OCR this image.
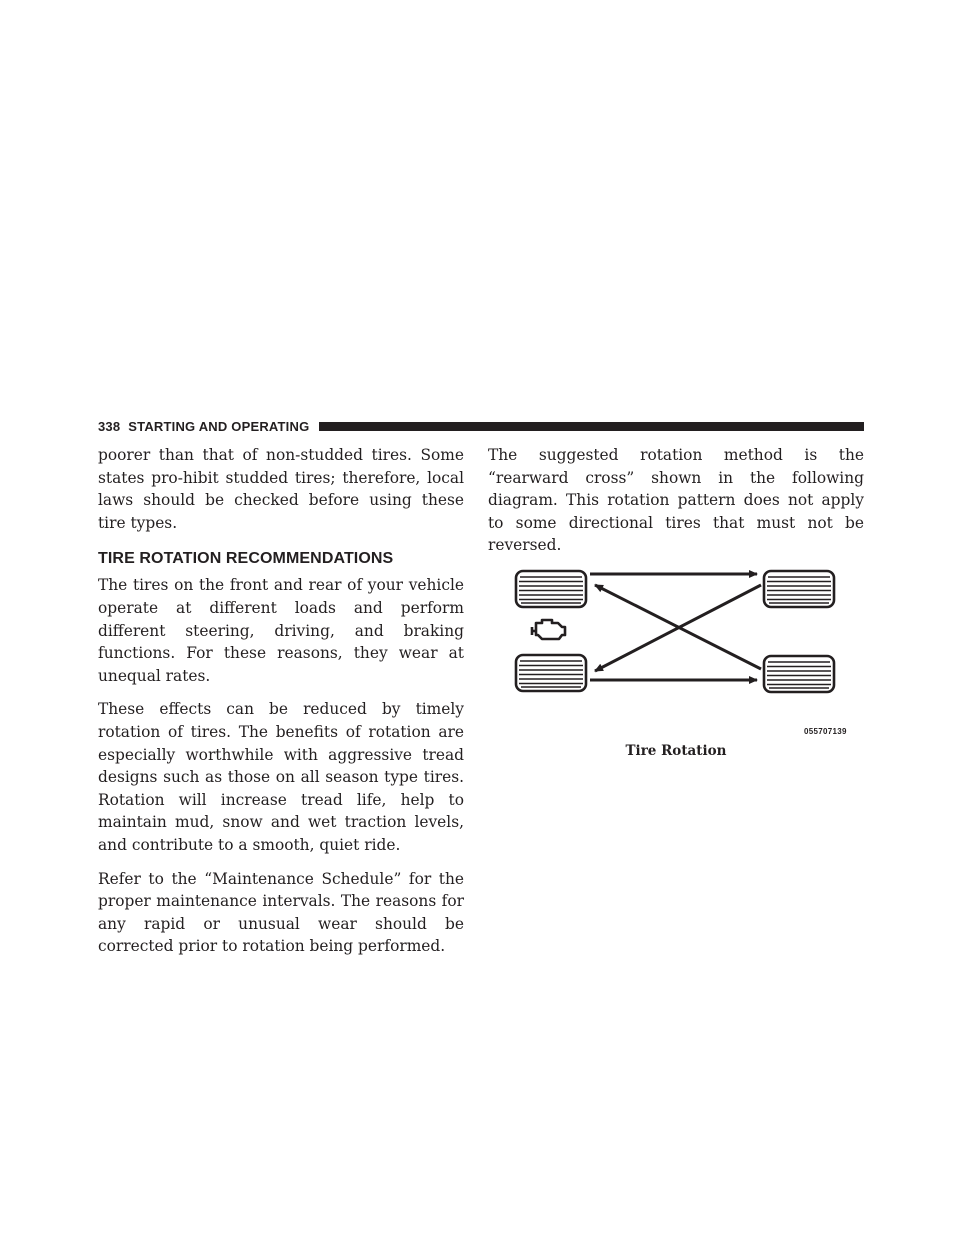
338 STARTING AND OPERATING

poorer than that of non-studded tires. Some states pro-hibit studded tires; therefore, local laws should be checked before using these tire types.

TIRE ROTATION RECOMMENDATIONS

The tires on the front and rear of your vehicle operate at different loads and perform different steering, driving, and braking functions. For these reasons, they wear at unequal rates.

These effects can be reduced by timely rotation of tires. The benefits of rotation are especially worthwhile with aggressive tread designs such as those on all season type tires. Rotation will increase tread life, help to maintain mud, snow and wet traction levels, and contribute to a smooth, quiet ride.

Refer to the “Maintenance Schedule” for the proper maintenance intervals. The reasons for any rapid or unusual wear should be corrected prior to rotation being performed.

The suggested rotation method is the “rearward cross” shown in the following diagram. This rotation pattern does not apply to some directional tires that must not be reversed.

055707139
Tire Rotation
